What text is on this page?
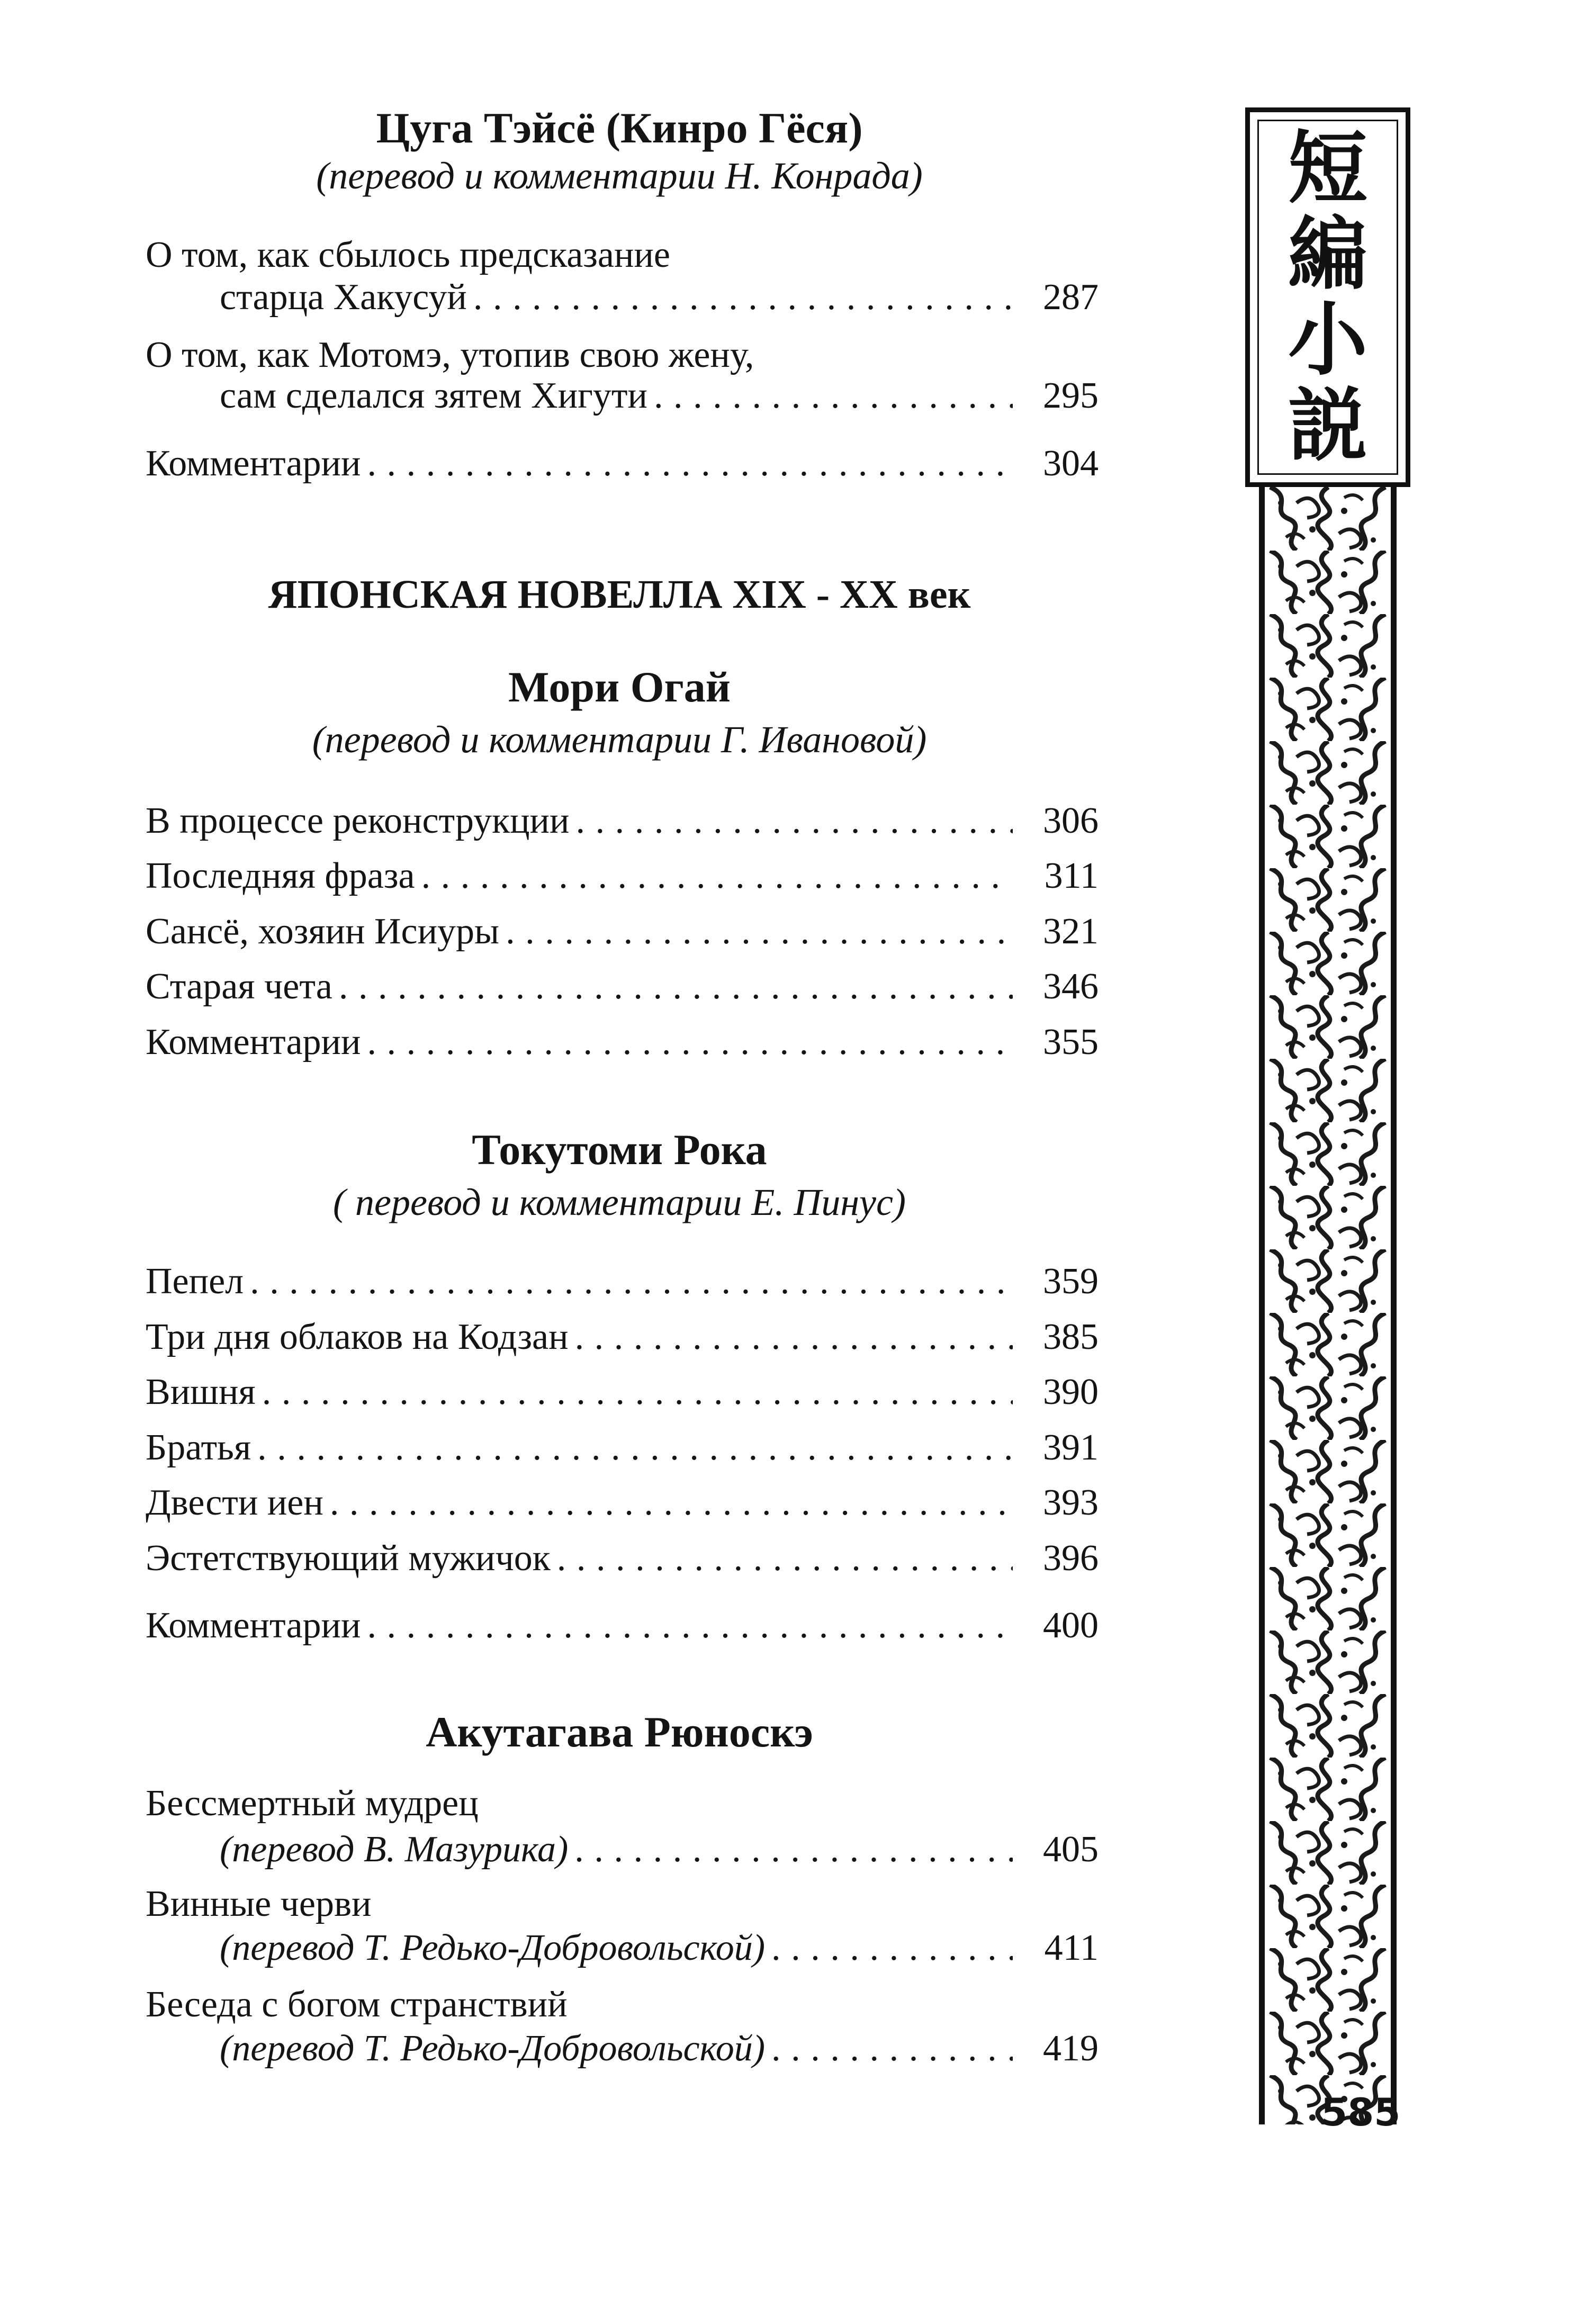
Цуга Тэйсё (Кинро Гёся)
(перевод и комментарии Н. Конрада)
О том, как сбылось предсказание
старца Хакусуй .....	287
О том, как Мотомэ, утопив свою жену,
сам сделался зятем Хигути .....	295
Комментарии .....	304
ЯПОНСКАЯ НОВЕЛЛА XIX - XX век
Мори Огай
(перевод и комментарии Г. Ивановой)
В процессе реконструкции .....	306
Последняя фраза .....	311
Сансё, хозяин Исиуры .....	321
Старая чета .....	346
Комментарии .....	355
Токутоми Рока
( перевод и комментарии Е. Пинус)
Пепел .....	359
Три дня облаков на Кодзан .....	385
Вишня .....	390
Братья .....	391
Двести иен .....	393
Эстетствующий мужичок .....	396
Комментарии .....	400
Акутагава Рюноскэ
Бессмертный мудрец
(перевод В. Мазурика) .....	405
Винные черви
(перевод Т. Редько-Добровольской) .....	411
Беседа с богом странствий
(перевод Т. Редько-Добровольской) .....	419
短
編
小
説
585
